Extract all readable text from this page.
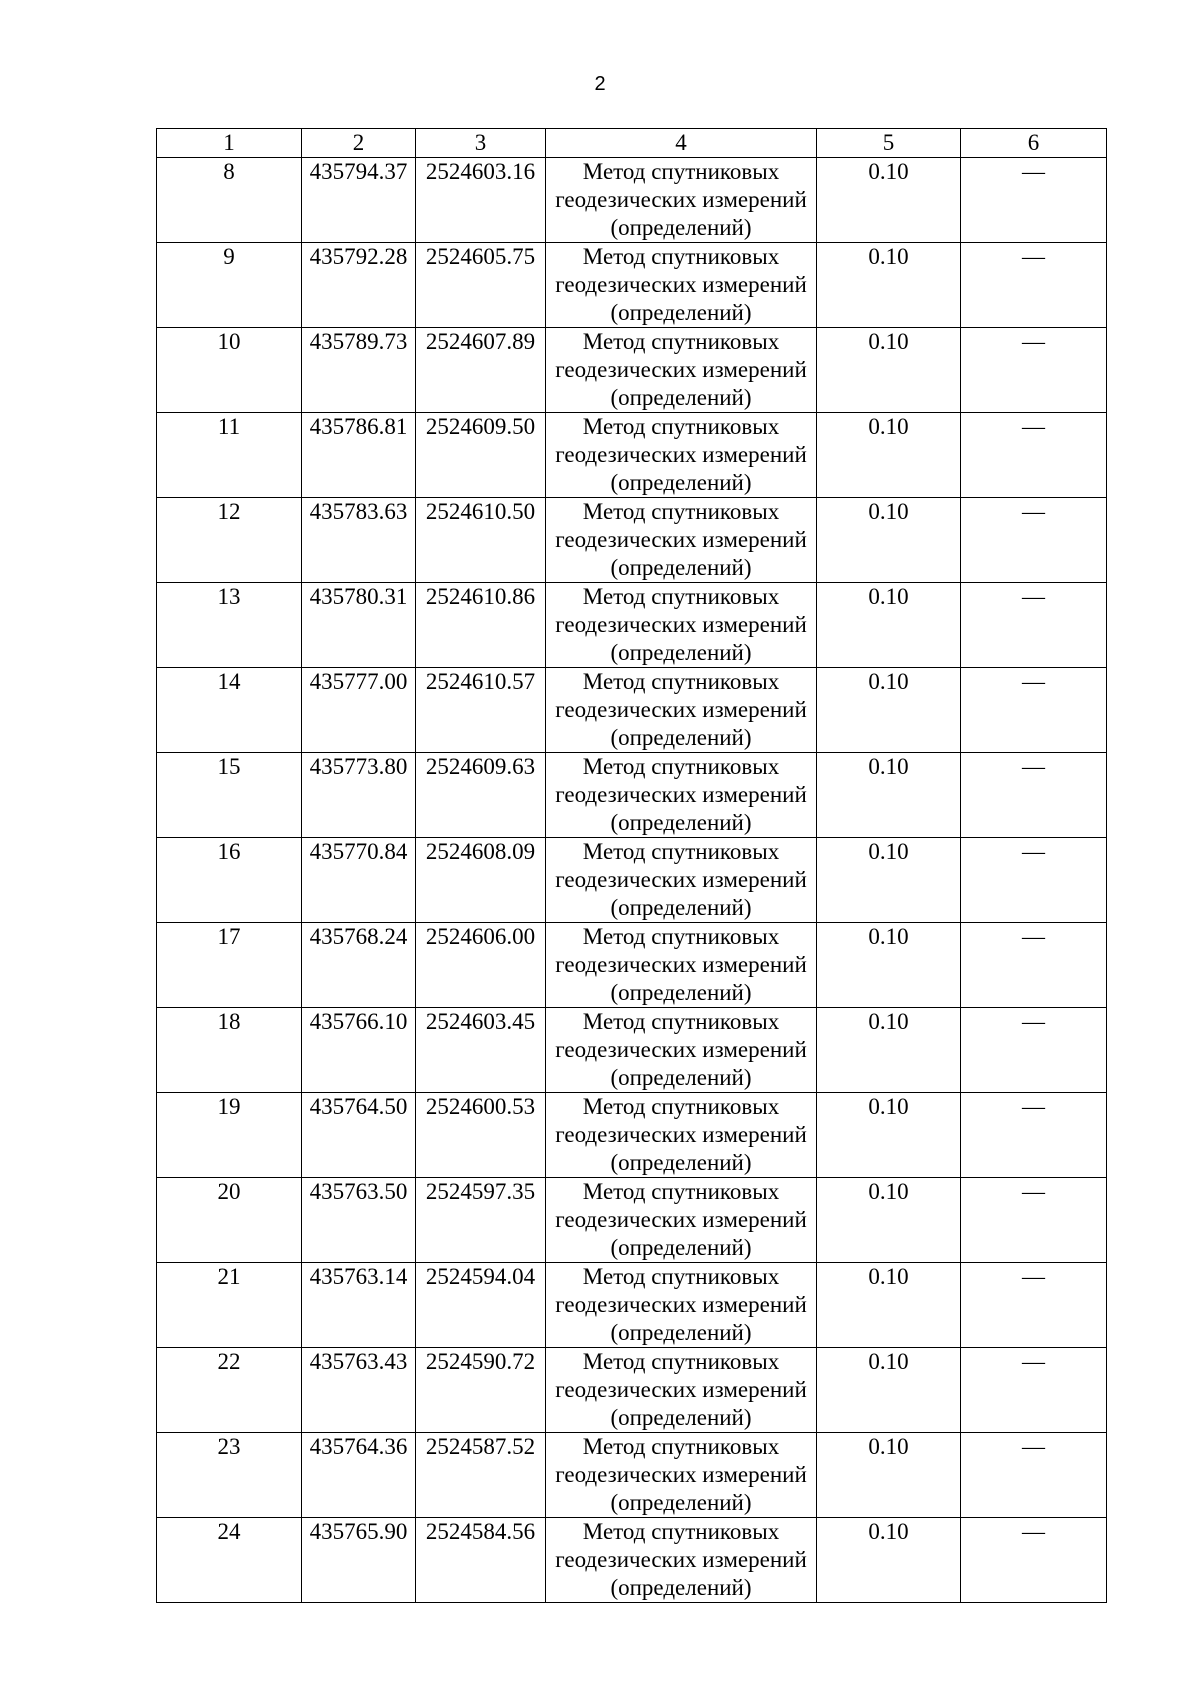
2
1	2	3	4	5	6
8	435794.37	2524603.16	Метод спутниковых
геодезических измерений
(определений)	0.10	—
9	435792.28	2524605.75	Метод спутниковых
геодезических измерений
(определений)	0.10	—
10	435789.73	2524607.89	Метод спутниковых
геодезических измерений
(определений)	0.10	—
11	435786.81	2524609.50	Метод спутниковых
геодезических измерений
(определений)	0.10	—
12	435783.63	2524610.50	Метод спутниковых
геодезических измерений
(определений)	0.10	—
13	435780.31	2524610.86	Метод спутниковых
геодезических измерений
(определений)	0.10	—
14	435777.00	2524610.57	Метод спутниковых
геодезических измерений
(определений)	0.10	—
15	435773.80	2524609.63	Метод спутниковых
геодезических измерений
(определений)	0.10	—
16	435770.84	2524608.09	Метод спутниковых
геодезических измерений
(определений)	0.10	—
17	435768.24	2524606.00	Метод спутниковых
геодезических измерений
(определений)	0.10	—
18	435766.10	2524603.45	Метод спутниковых
геодезических измерений
(определений)	0.10	—
19	435764.50	2524600.53	Метод спутниковых
геодезических измерений
(определений)	0.10	—
20	435763.50	2524597.35	Метод спутниковых
геодезических измерений
(определений)	0.10	—
21	435763.14	2524594.04	Метод спутниковых
геодезических измерений
(определений)	0.10	—
22	435763.43	2524590.72	Метод спутниковых
геодезических измерений
(определений)	0.10	—
23	435764.36	2524587.52	Метод спутниковых
геодезических измерений
(определений)	0.10	—
24	435765.90	2524584.56	Метод спутниковых
геодезических измерений
(определений)	0.10	—
